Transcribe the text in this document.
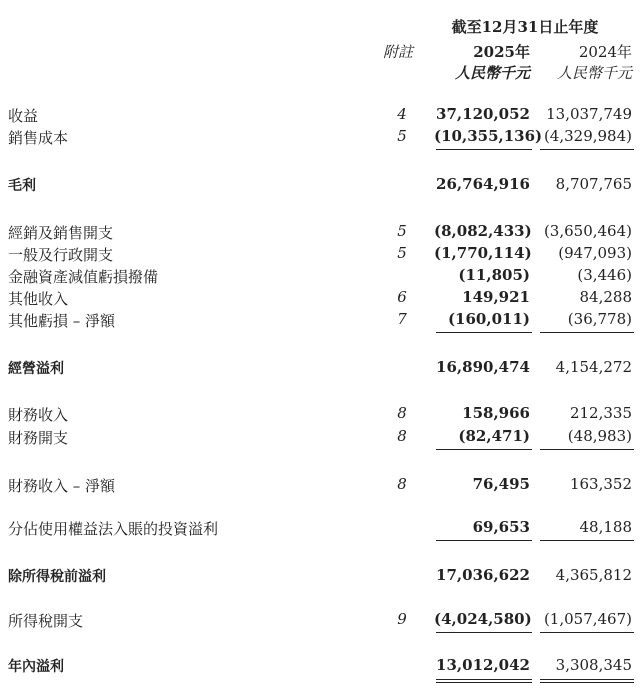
截至12月31日止年度
附註	2025年	2024年
人民幣千元	人民幣千元
收益	4 37,120,052	13,037,749
銷售成本	5 (10,355,136) (4,329,984)
毛利	26,764,916	8,707,765
經銷及銷售開支	5 (8,082,433) (3,650,464)
一般及行政開支	5 (1,770,114)	(947,093)
金融資產減值虧損撥備	(11,805)	(3,446)
其他收入	6	149,921	84,288
其他虧損 – 淨額	7	(160,011)	(36,778)
經營溢利	16,890,474	4,154,272
財務收入	8	158,966	212,335
財務開支	8	(82,471)	(48,983)
財務收入 – 淨額	8	76,495	163,352
分佔使用權益法入賬的投資溢利	69,653	48,188
除所得稅前溢利	17,036,622	4,365,812
所得稅開支	9 (4,024,580) (1,057,467)
年內溢利	13,012,042	3,308,345
